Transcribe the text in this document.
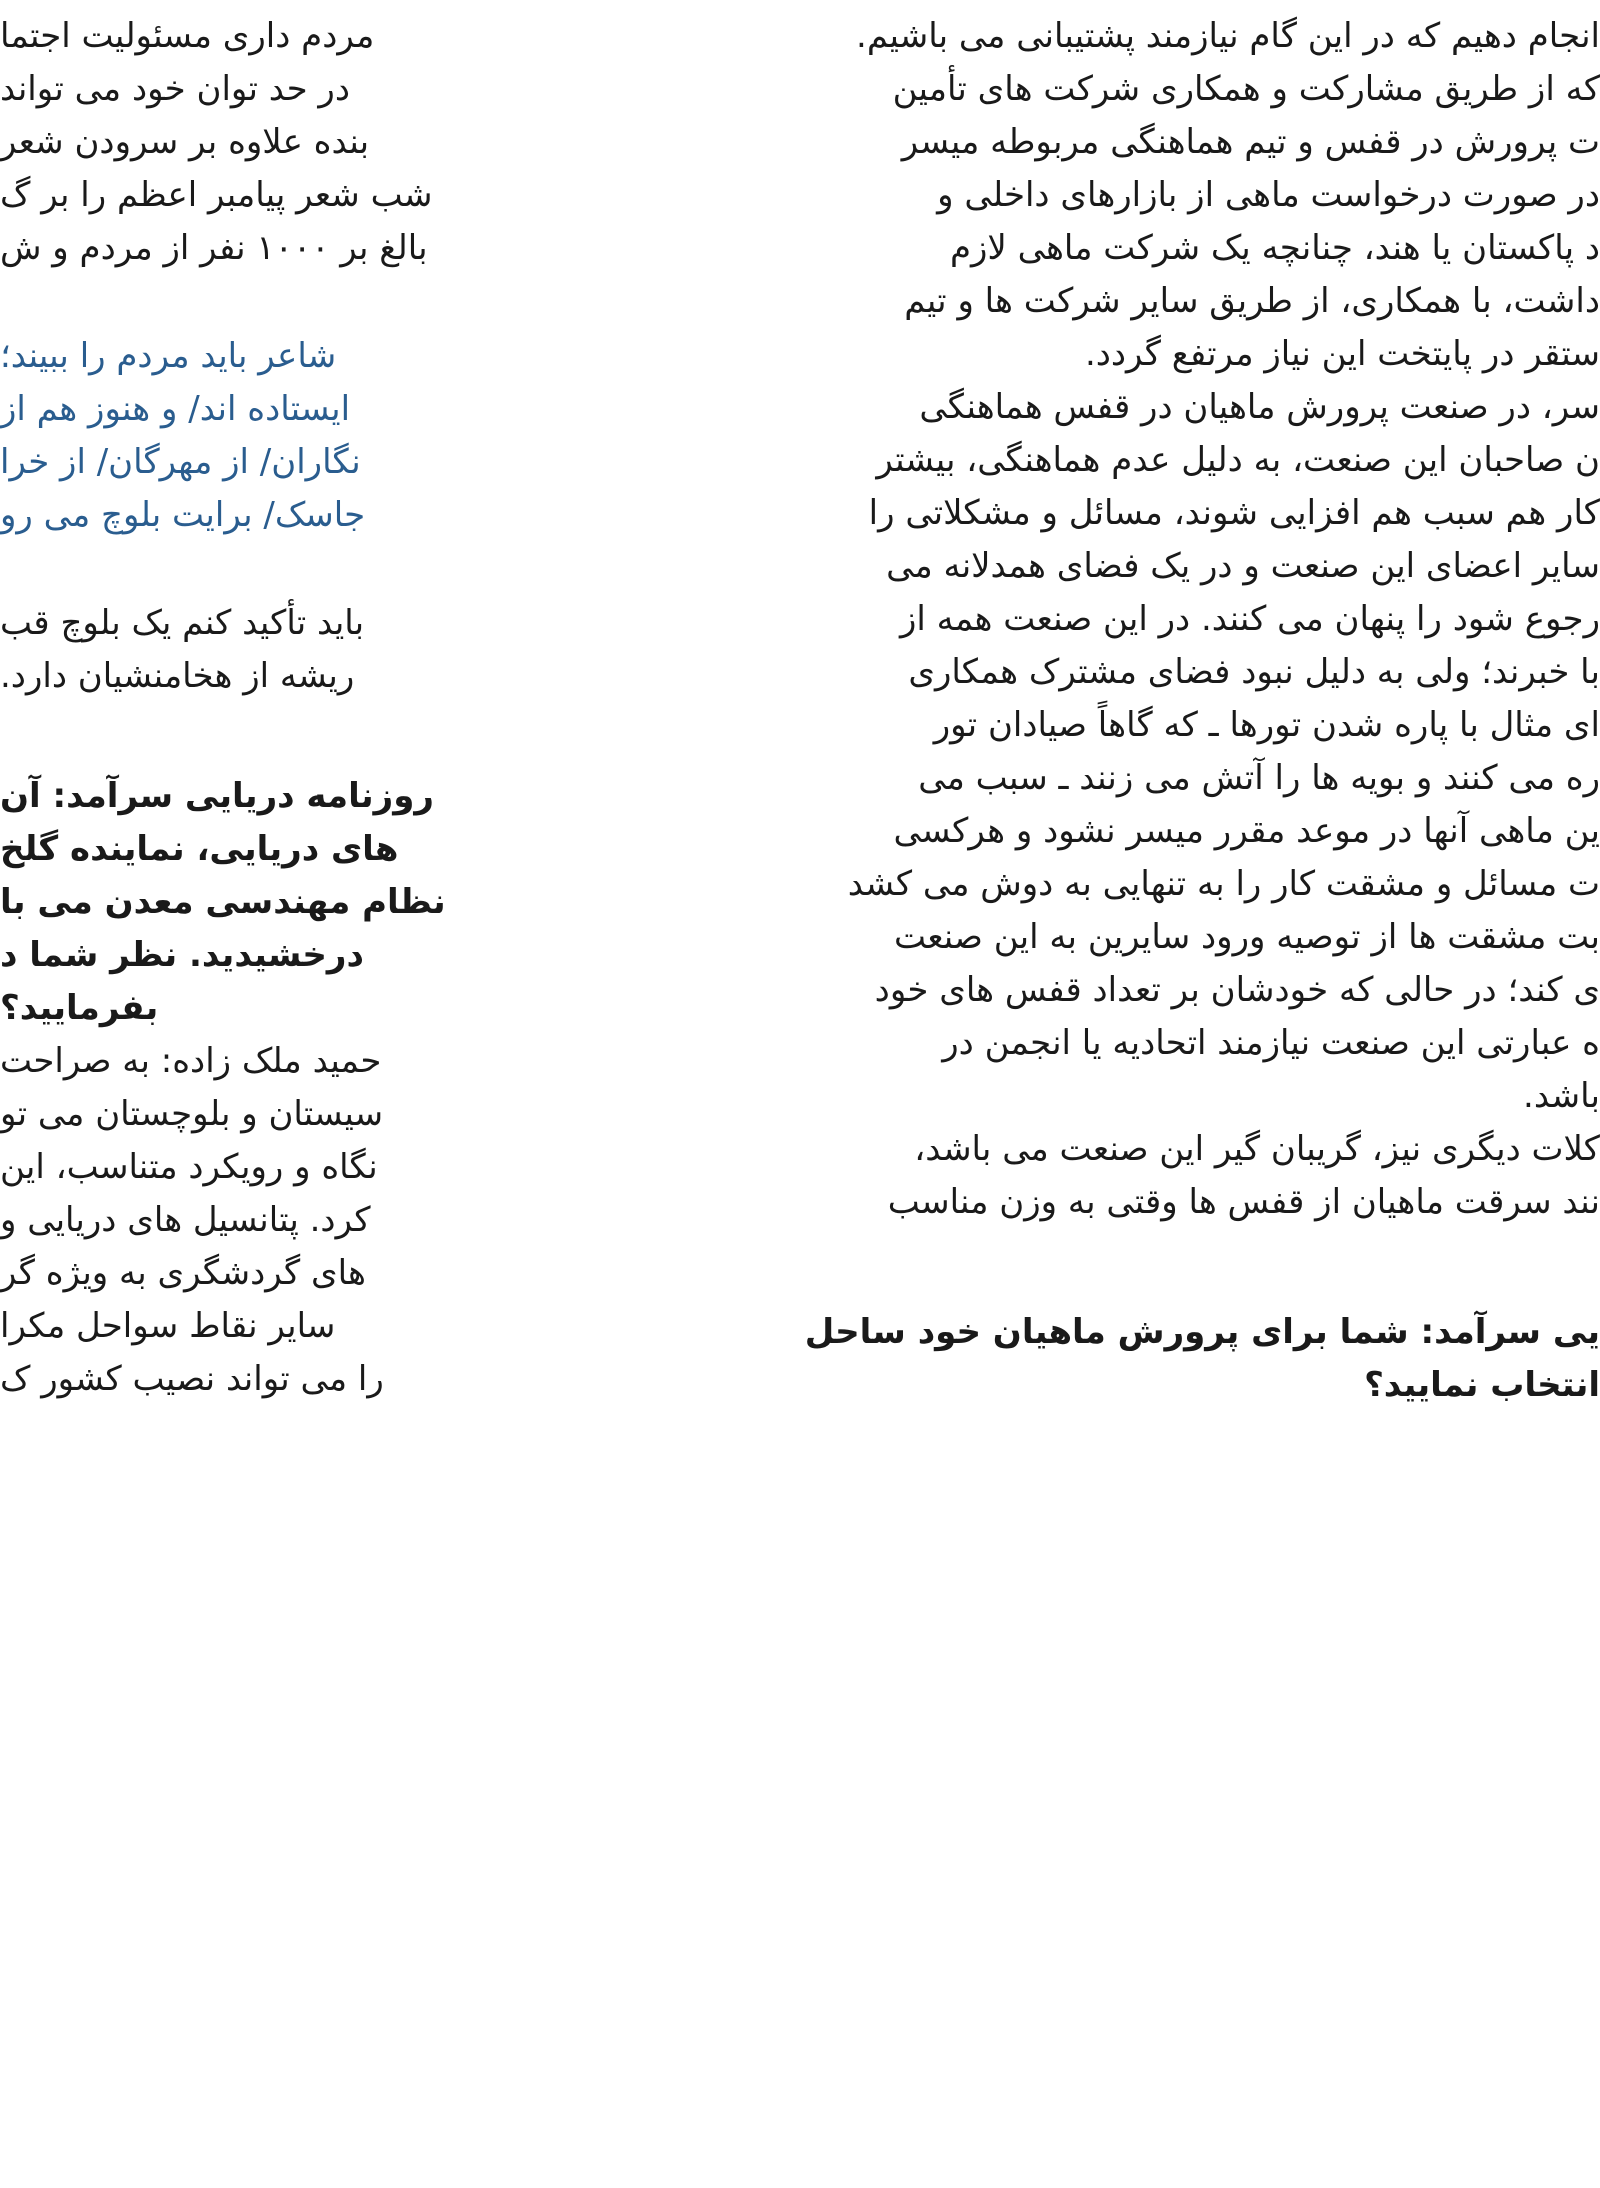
انجام دهیم که در این گام نیازمند پشتیبانی می باشیم.
که از طریق مشارکت و همکاری شرکت های تأمین
ت پرورش در قفس و تیم هماهنگی مربوطه میسر
در صورت درخواست ماهی از بازارهای داخلی و
د پاکستان یا هند، چنانچه یک شرکت ماهی لازم
داشت، با همکاری، از طریق سایر شرکت ها و تیم
ستقر در پایتخت این نیاز مرتفع گردد.
سر، در صنعت پرورش ماهیان در قفس هماهنگی
ن صاحبان این صنعت، به دلیل عدم هماهنگی، بیشتر
کار هم سبب هم افزایی شوند، مسائل و مشکلاتی را
سایر اعضای این صنعت و در یک فضای همدلانه می
رجوع شود را پنهان می کنند. در این صنعت همه از
با خبرند؛ ولی به دلیل نبود فضای مشترک همکاری
ای مثال با پاره شدن تورها ـ که گاهاً صیادان تور
ره می کنند و بویه ها را آتش می زنند ـ سبب می
ین ماهی آنها در موعد مقرر میسر نشود و هرکسی
ت مسائل و مشقت کار را به تنهایی به دوش می کشد
بت مشقت ها از توصیه ورود سایرین به این صنعت
ی کند؛ در حالی که خودشان بر تعداد قفس های خود
ه عبارتی این صنعت نیازمند اتحادیه یا انجمن در
باشد.
کلات دیگری نیز، گریبان گیر این صنعت می باشد،
نند سرقت ماهیان از قفس ها وقتی به وزن مناسب
یی سرآمد: شما برای پرورش ماهیان خود ساحل
انتخاب نمایید؟
مردم داری مسئولیت اجتما
در حد توان خود می تواند
بنده علاوه بر سرودن شعر
شب شعر پیامبر اعظم را بر گ
بالغ بر ۱۰۰۰ نفر از مردم و ش
شاعر باید مردم را ببیند؛
ایستاده اند/ و هنوز هم از
نگاران/ از مهرگان/ از خرا
جاسک/ برایت بلوچ می رو
باید تأکید کنم یک بلوچ قب
ریشه از هخامنشیان دارد.
روزنامه دریایی سرآمد: آن
های دریایی، نماینده گلخ
نظام مهندسی معدن می با
درخشیدید. نظر شما د
بفرمایید؟
حمید ملک زاده: به صراحت
سیستان و بلوچستان می تو
نگاه و رویکرد متناسب، این
کرد. پتانسیل های دریایی و
های گردشگری به ویژه گر
سایر نقاط سواحل مکرا
را می تواند نصیب کشور ک
